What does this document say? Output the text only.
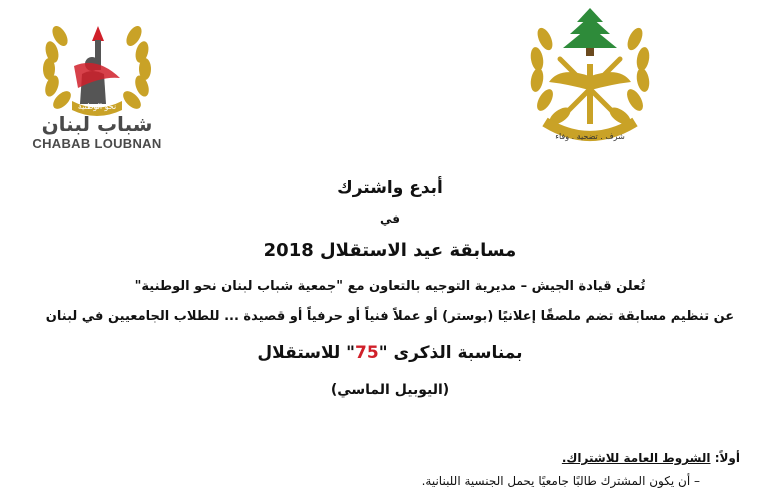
نحو الوطنية
شباب لبنان
CHABAB LOUBNAN	شرف . تضحية . وفاء
أبدع واشترك
في
مسابقة عيد الاستقلال 2018
تُعلن قيادة الجيش – مديرية التوجيه بالتعاون مع "جمعية شباب لبنان نحو الوطنية"
عن تنظيم مسابقة تضم ملصقًا إعلانيًا (بوستر) أو عملاً فنياً أو حرفياً أو قصيدة ... للطلاب الجامعيين في لبنان
بمناسبة الذكرى "75" للاستقلال
(اليوبيل الماسي)
أولاً: الشروط العامة للاشتراك.
– أن يكون المشترك طالبًا جامعيًا يحمل الجنسية اللبنانية.
